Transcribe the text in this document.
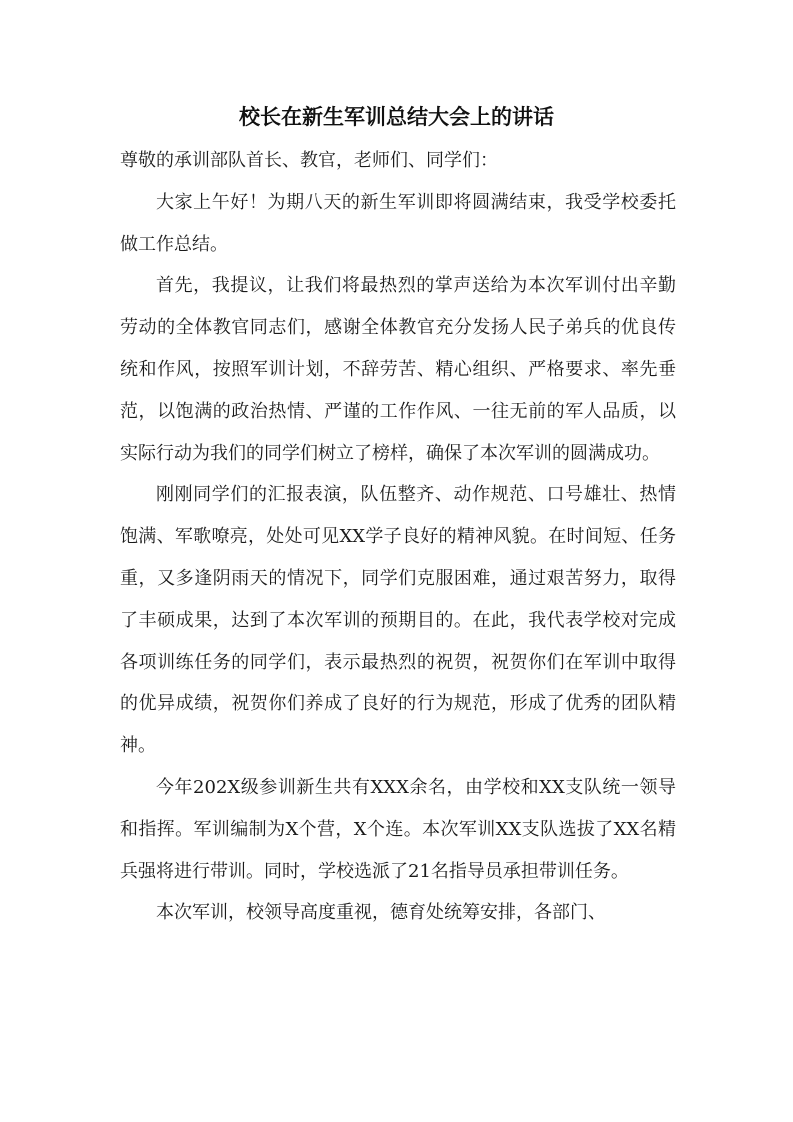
校长在新生军训总结大会上的讲话

尊敬的承训部队首长、教官，老师们、同学们：

大家上午好！为期八天的新生军训即将圆满结束，我受学校委托做工作总结。

首先，我提议，让我们将最热烈的掌声送给为本次军训付出辛勤劳动的全体教官同志们，感谢全体教官充分发扬人民子弟兵的优良传统和作风，按照军训计划，不辞劳苦、精心组织、严格要求、率先垂范，以饱满的政治热情、严谨的工作作风、一往无前的军人品质，以实际行动为我们的同学们树立了榜样，确保了本次军训的圆满成功。

刚刚同学们的汇报表演，队伍整齐、动作规范、口号雄壮、热情饱满、军歌嘹亮，处处可见XX学子良好的精神风貌。在时间短、任务重，又多逢阴雨天的情况下，同学们克服困难，通过艰苦努力，取得了丰硕成果，达到了本次军训的预期目的。在此，我代表学校对完成各项训练任务的同学们，表示最热烈的祝贺，祝贺你们在军训中取得的优异成绩，祝贺你们养成了良好的行为规范，形成了优秀的团队精神。

今年202X级参训新生共有XXX余名，由学校和XX支队统一领导和指挥。军训编制为X个营，X个连。本次军训XX支队选拔了XX名精兵强将进行带训。同时，学校选派了21名指导员承担带训任务。

本次军训，校领导高度重视，德育处统筹安排，各部门、
